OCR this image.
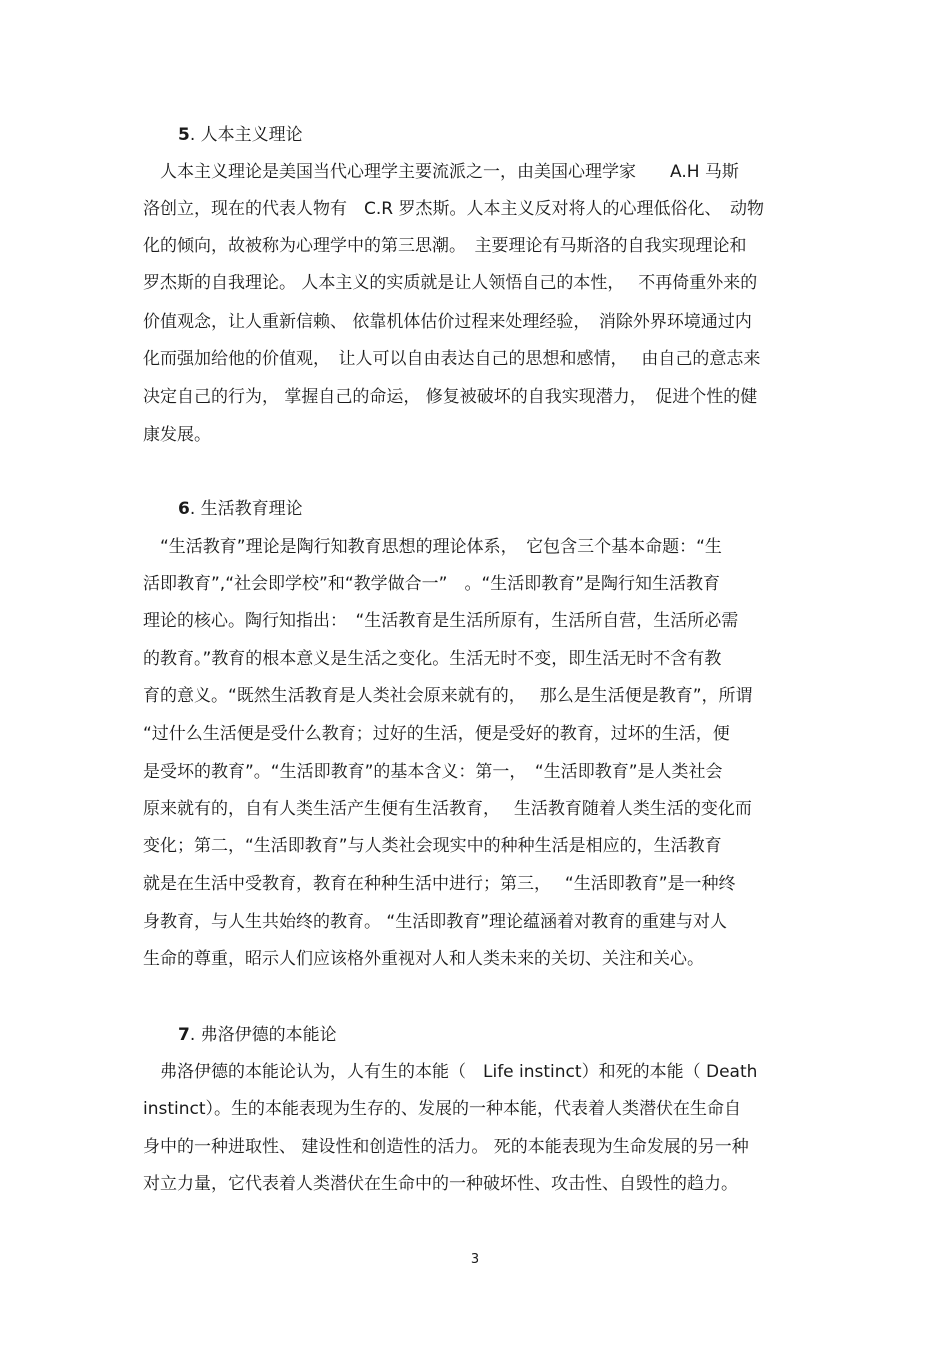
5. 人本主义理论
　人本主义理论是美国当代心理学主要流派之一，由美国心理学家　　A.H 马斯
洛创立，现在的代表人物有　C.R 罗杰斯。人本主义反对将人的心理低俗化、　动物
化的倾向，故被称为心理学中的第三思潮。　主要理论有马斯洛的自我实现理论和
罗杰斯的自我理论。 人本主义的实质就是让人领悟自己的本性，　 不再倚重外来的
价值观念，让人重新信赖、 依靠机体估价过程来处理经验，　消除外界环境通过内
化而强加给他的价值观，　让人可以自由表达自己的思想和感情，　 由自己的意志来
决定自己的行为， 掌握自己的命运， 修复被破坏的自我实现潜力，　促进个性的健
康发展。
6. 生活教育理论
　“生活教育”理论是陶行知教育思想的理论体系，　它包含三个基本命题：“生
活即教育”,“社会即学校”和“教学做合一”　。“生活即教育”是陶行知生活教育
理论的核心。陶行知指出：　“生活教育是生活所原有，生活所自营，生活所必需
的教育。”教育的根本意义是生活之变化。生活无时不变，即生活无时不含有教
育的意义。“既然生活教育是人类社会原来就有的，　 那么是生活便是教育”，所谓
“过什么生活便是受什么教育；过好的生活，便是受好的教育，过坏的生活，便
是受坏的教育”。“生活即教育”的基本含义：第一，　“生活即教育”是人类社会
原来就有的，自有人类生活产生便有生活教育，　 生活教育随着人类生活的变化而
变化；第二，“生活即教育”与人类社会现实中的种种生活是相应的，生活教育
就是在生活中受教育，教育在种种生活中进行；第三，　 “生活即教育”是一种终
身教育，与人生共始终的教育。 “生活即教育”理论蕴涵着对教育的重建与对人
生命的尊重，昭示人们应该格外重视对人和人类未来的关切、关注和关心。
7. 弗洛伊德的本能论
　弗洛伊德的本能论认为，人有生的本能（　Life instinct）和死的本能（ Death
instinct）。生的本能表现为生存的、发展的一种本能，代表着人类潜伏在生命自
身中的一种进取性、 建设性和创造性的活力。 死的本能表现为生命发展的另一种
对立力量，它代表着人类潜伏在生命中的一种破坏性、攻击性、自毁性的趋力。
3
